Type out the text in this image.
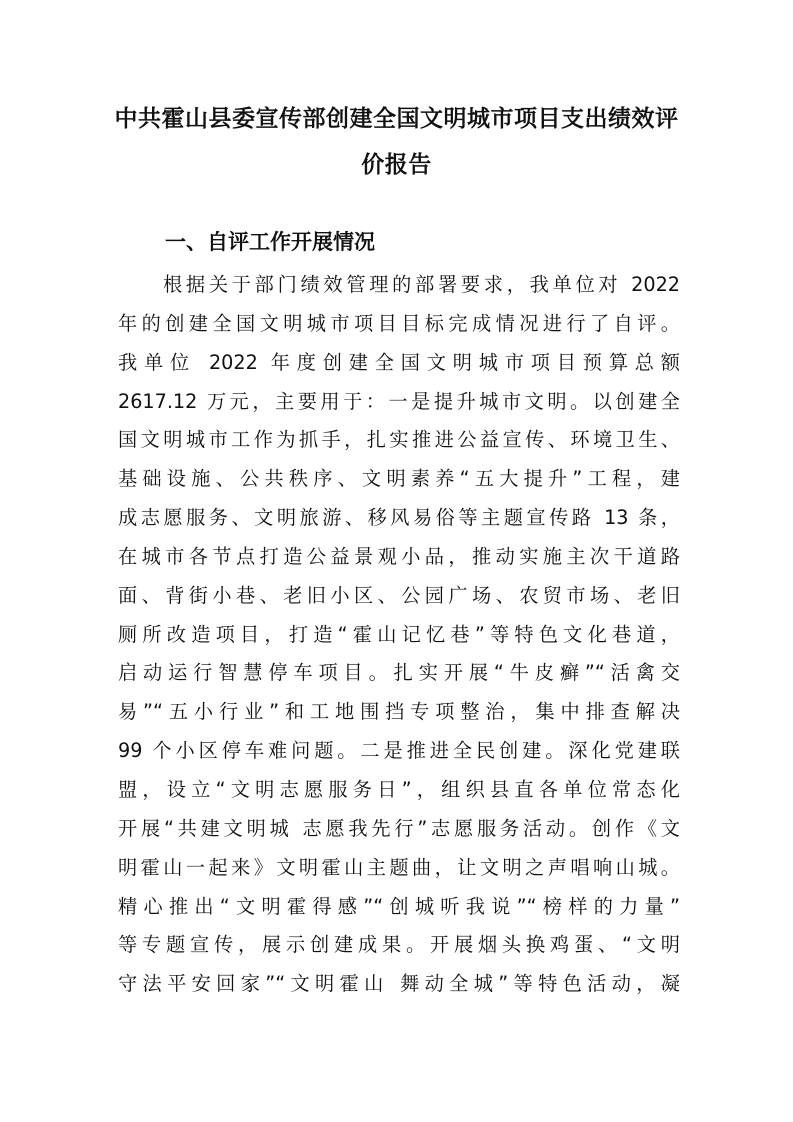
中共霍山县委宣传部创建全国文明城市项目支出绩效评
价报告
一、自评工作开展情况
根据关于部门绩效管理的部署要求，我单位对 2022
年的创建全国文明城市项目目标完成情况进行了自评。
我单位 2022 年度创建全国文明城市项目预算总额
2617.12 万元，主要用于：一是提升城市文明。以创建全
国文明城市工作为抓手，扎实推进公益宣传、环境卫生、
基础设施、公共秩序、文明素养“五大提升”工程，建
成志愿服务、文明旅游、移风易俗等主题宣传路 13 条，
在城市各节点打造公益景观小品，推动实施主次干道路
面、背街小巷、老旧小区、公园广场、农贸市场、老旧
厕所改造项目，打造“霍山记忆巷”等特色文化巷道，
启动运行智慧停车项目。扎实开展“牛皮癣”“活禽交
易”“五小行业”和工地围挡专项整治，集中排查解决
99 个小区停车难问题。二是推进全民创建。深化党建联
盟，设立“文明志愿服务日”，组织县直各单位常态化
开展“共建文明城 志愿我先行”志愿服务活动。创作《文
明霍山一起来》文明霍山主题曲，让文明之声唱响山城。
精心推出“文明霍得感”“创城听我说”“榜样的力量”
等专题宣传，展示创建成果。开展烟头换鸡蛋、“文明
守法平安回家”“文明霍山 舞动全城”等特色活动，凝
